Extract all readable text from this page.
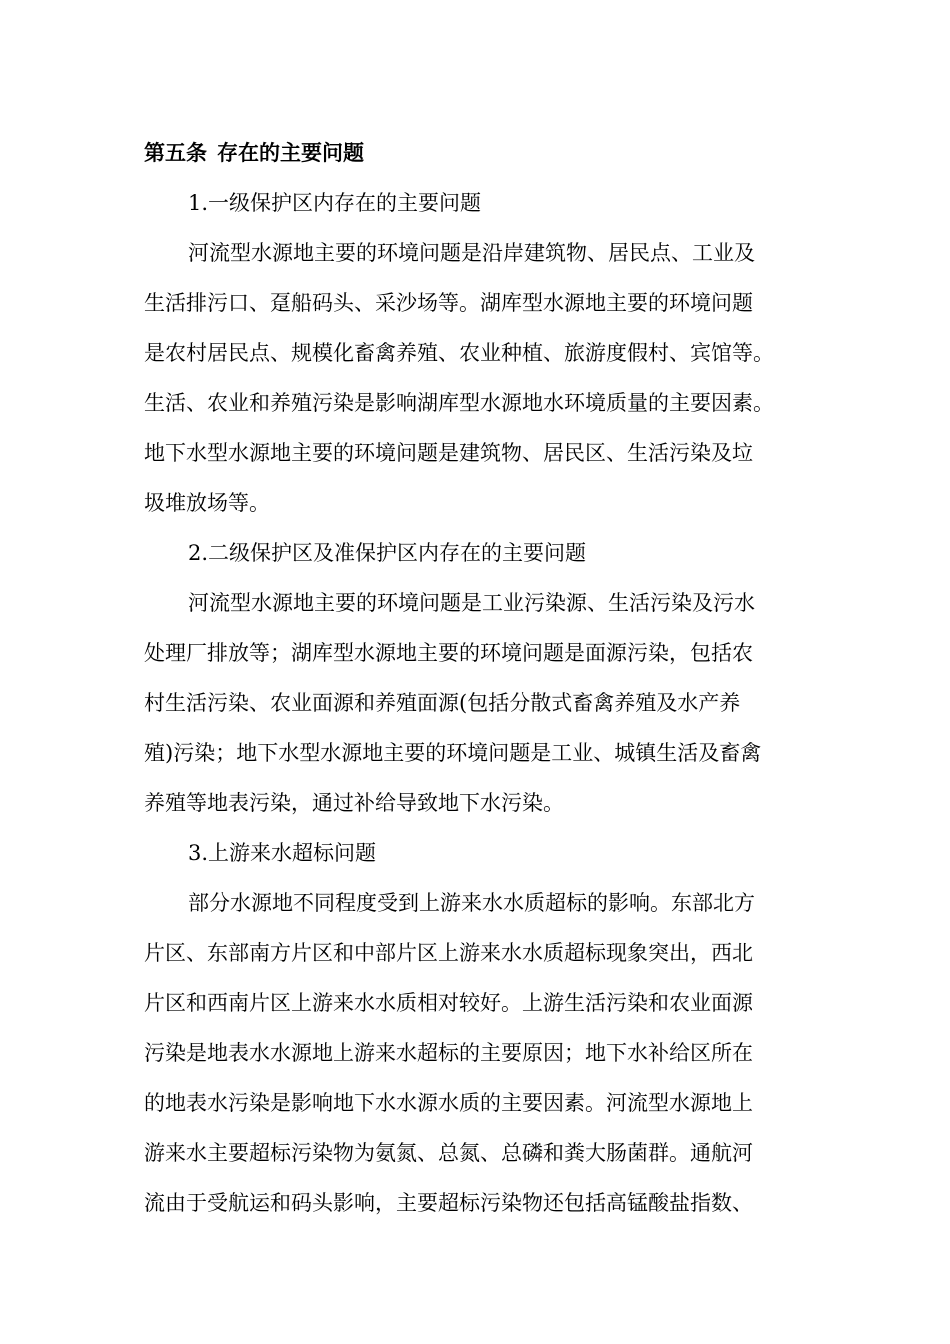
第五条 存在的主要问题

1.一级保护区内存在的主要问题

河流型水源地主要的环境问题是沿岸建筑物、居民点、工业及

生活排污口、趸船码头、采沙场等。湖库型水源地主要的环境问题

是农村居民点、规模化畜禽养殖、农业种植、旅游度假村、宾馆等。

生活、农业和养殖污染是影响湖库型水源地水环境质量的主要因素。

地下水型水源地主要的环境问题是建筑物、居民区、生活污染及垃

圾堆放场等。

2.二级保护区及准保护区内存在的主要问题

河流型水源地主要的环境问题是工业污染源、生活污染及污水

处理厂排放等；湖库型水源地主要的环境问题是面源污染，包括农

村生活污染、农业面源和养殖面源(包括分散式畜禽养殖及水产养

殖)污染；地下水型水源地主要的环境问题是工业、城镇生活及畜禽

养殖等地表污染，通过补给导致地下水污染。

3.上游来水超标问题

部分水源地不同程度受到上游来水水质超标的影响。东部北方

片区、东部南方片区和中部片区上游来水水质超标现象突出，西北

片区和西南片区上游来水水质相对较好。上游生活污染和农业面源

污染是地表水水源地上游来水超标的主要原因；地下水补给区所在

的地表水污染是影响地下水水源水质的主要因素。河流型水源地上

游来水主要超标污染物为氨氮、总氮、总磷和粪大肠菌群。通航河

流由于受航运和码头影响，主要超标污染物还包括高锰酸盐指数、
